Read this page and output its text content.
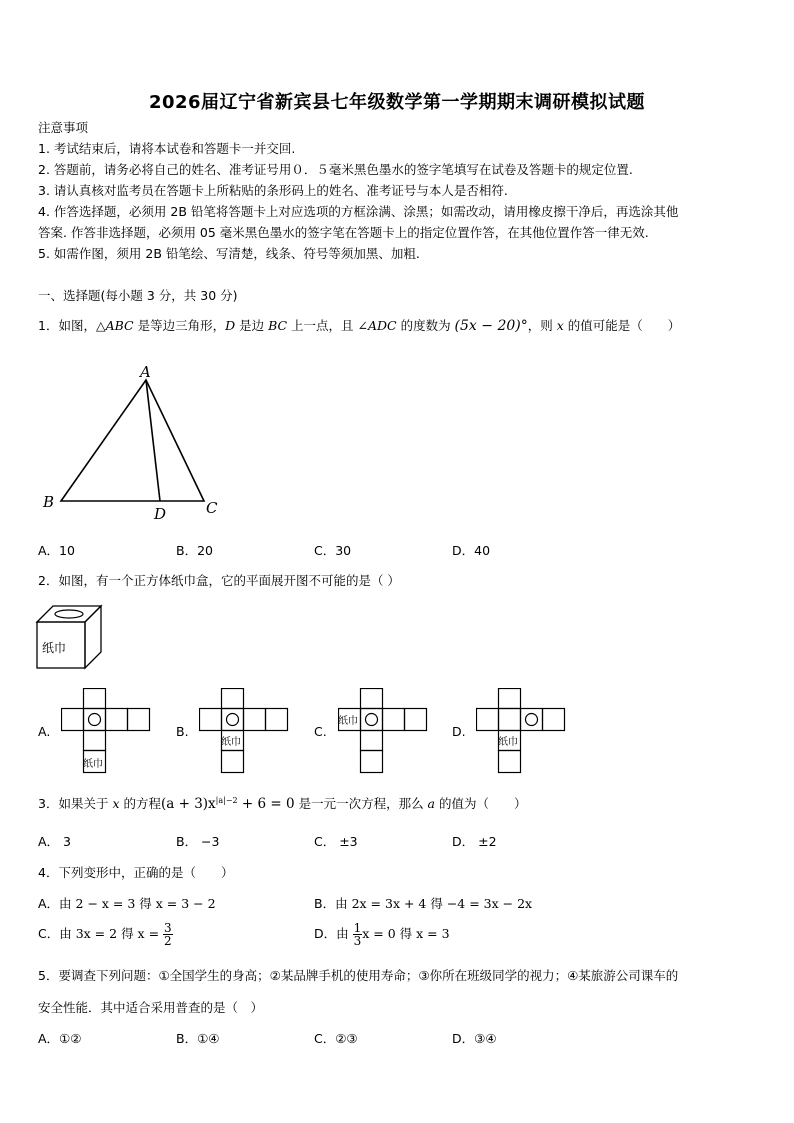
2026届辽宁省新宾县七年级数学第一学期期末调研模拟试题
注意事项
1. 考试结束后，请将本试卷和答题卡一并交回.
2. 答题前，请务必将自己的姓名、准考证号用０．５毫米黑色墨水的签字笔填写在试卷及答题卡的规定位置.
3. 请认真核对监考员在答题卡上所粘贴的条形码上的姓名、准考证号与本人是否相符.
4. 作答选择题，必须用 2B 铅笔将答题卡上对应选项的方框涂满、涂黑；如需改动，请用橡皮擦干净后，再选涂其他
答案. 作答非选择题，必须用 05 毫米黑色墨水的签字笔在答题卡上的指定位置作答，在其他位置作答一律无效.
5. 如需作图，须用 2B 铅笔绘、写清楚，线条、符号等须加黑、加粗.
一、选择题(每小题 3 分，共 30 分)
1．如图，△ABC 是等边三角形，D 是边 BC 上一点，且 ∠ADC 的度数为 (5x − 20)°，则 x 的值可能是（　　）
A
B
D	C
A．10	B．20	C．30	D．40
2．如图，有一个正方体纸巾盒，它的平面展开图不可能的是（ ）
纸巾
A.
纸巾
B.
纸巾
C.
纸巾
D.
纸巾
3．如果关于 x 的方程$(a + 3)x^{|a|-2} + 6 = 0$ 是一元一次方程，那么 a 的值为（　　）
A． 3	B． −3	C． ±3	D． ±2
4．下列变形中，正确的是（　　）
A．由 2 − x = 3 得 x = 3 − 2	B．由 2x = 3x + 4 得 −4 = 3x − 2x
C．由 3x = 2 得 $x = \frac{3}{2}$	D．由 $\frac{1}{3}$ x = 0 得 x = 3
5．要调查下列问题：①全国学生的身高；②某品牌手机的使用寿命；③你所在班级同学的视力；④某旅游公司课车的
安全性能．其中适合采用普查的是（　）
A．①②	B．①④	C．②③	D．③④
